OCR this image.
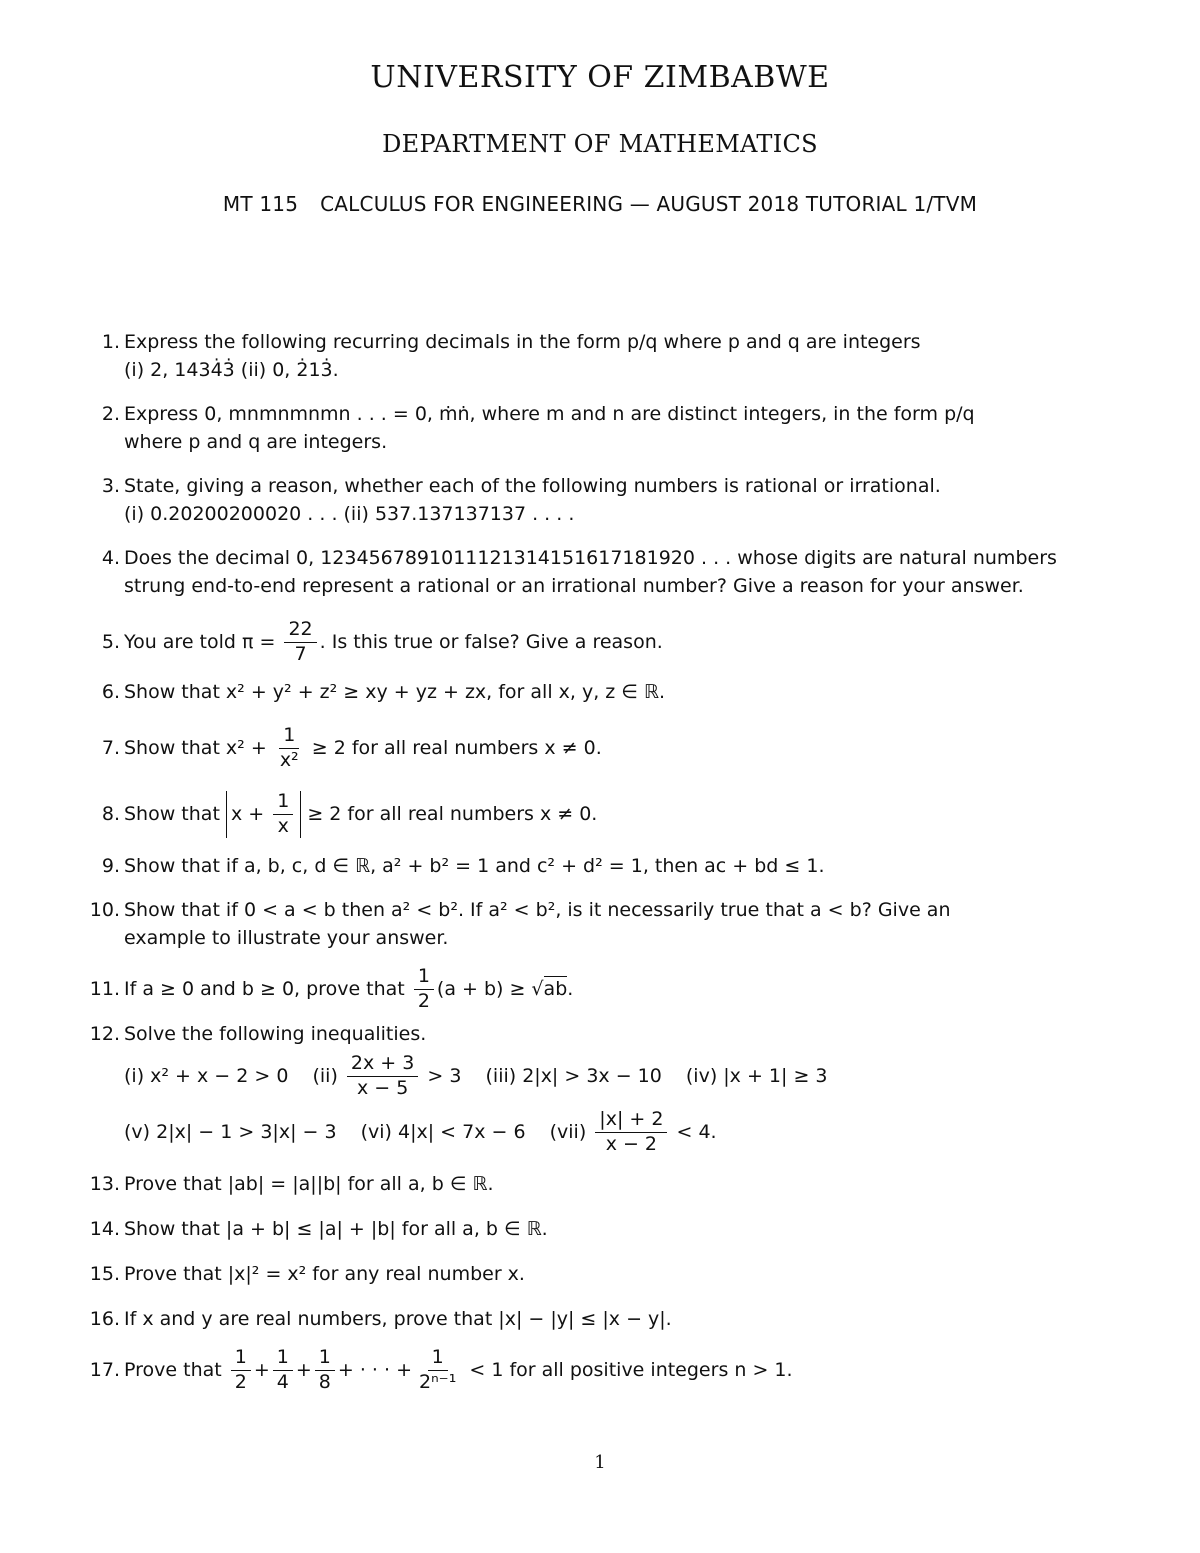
UNIVERSITY OF ZIMBABWE
DEPARTMENT OF MATHEMATICS
MT 115 CALCULUS FOR ENGINEERING — AUGUST 2018 TUTORIAL 1/TVM
1. Express the following recurring decimals in the form p/q where p and q are integers
(i) 2, 1434̇3̇ (ii) 0, 2̇13̇.
2. Express 0, mnmnmnmn . . . = 0, ṁṅ, where m and n are distinct integers, in the form p/q
where p and q are integers.
3. State, giving a reason, whether each of the following numbers is rational or irrational.
(i) 0.20200200020 . . . (ii) 537.137137137 . . . .
4. Does the decimal 0, 1234567891011121314151617181920 . . . whose digits are natural numbers
strung end-to-end represent a rational or an irrational number? Give a reason for your answer.
5. You are told $\pi = \frac{22}{7}$ . Is this true or false? Give a reason.
6. Show that x² + y² + z² ≥ xy + yz + zx, for all x, y, z ∈ ℝ.
7. Show that $x^2 + \frac{1}{\text{x²}} \ge 2$ for all real numbers x ≠ 0.
8. Show that $x + \frac{1}{x} \ge 2$ for all real numbers x ≠ 0.
9. Show that if a, b, c, d ∈ ℝ, a² + b² = 1 and c² + d² = 1, then ac + bd ≤ 1.
10. Show that if 0 < a < b then a² < b². If a² < b², is it necessarily true that a < b? Give an
example to illustrate your answer.
11. If a ≥ 0 and b ≥ 0, prove that $\frac{1}{2} (a + b) \ge √ab$.
12. Solve the following inequalities.
(i) x² + x − 2 > 0 $(ii) \frac{2x + 3}{x - 5} > 3$ (iii) 2|x| > 3x − 10 (iv) |x + 1| ≥ 3
(v) 2|x| − 1 > 3|x| − 3 (vi) 4|x| < 7x − 6 $(vii) \frac{|x| + 2}{x - 2} < 4$.
13. Prove that |ab| = |a||b| for all a, b ∈ ℝ.
14. Show that |a + b| ≤ |a| + |b| for all a, b ∈ ℝ.
15. Prove that |x|² = x² for any real number x.
16. If x and y are real numbers, prove that |x| − |y| ≤ |x − y|.
17. Prove that $\frac{1}{2} + \frac{1}{4} + \frac{1}{8}$ + · · · + $\frac{1}{\text{2ⁿ⁻¹}} < 1$ for all positive integers n > 1.
1
